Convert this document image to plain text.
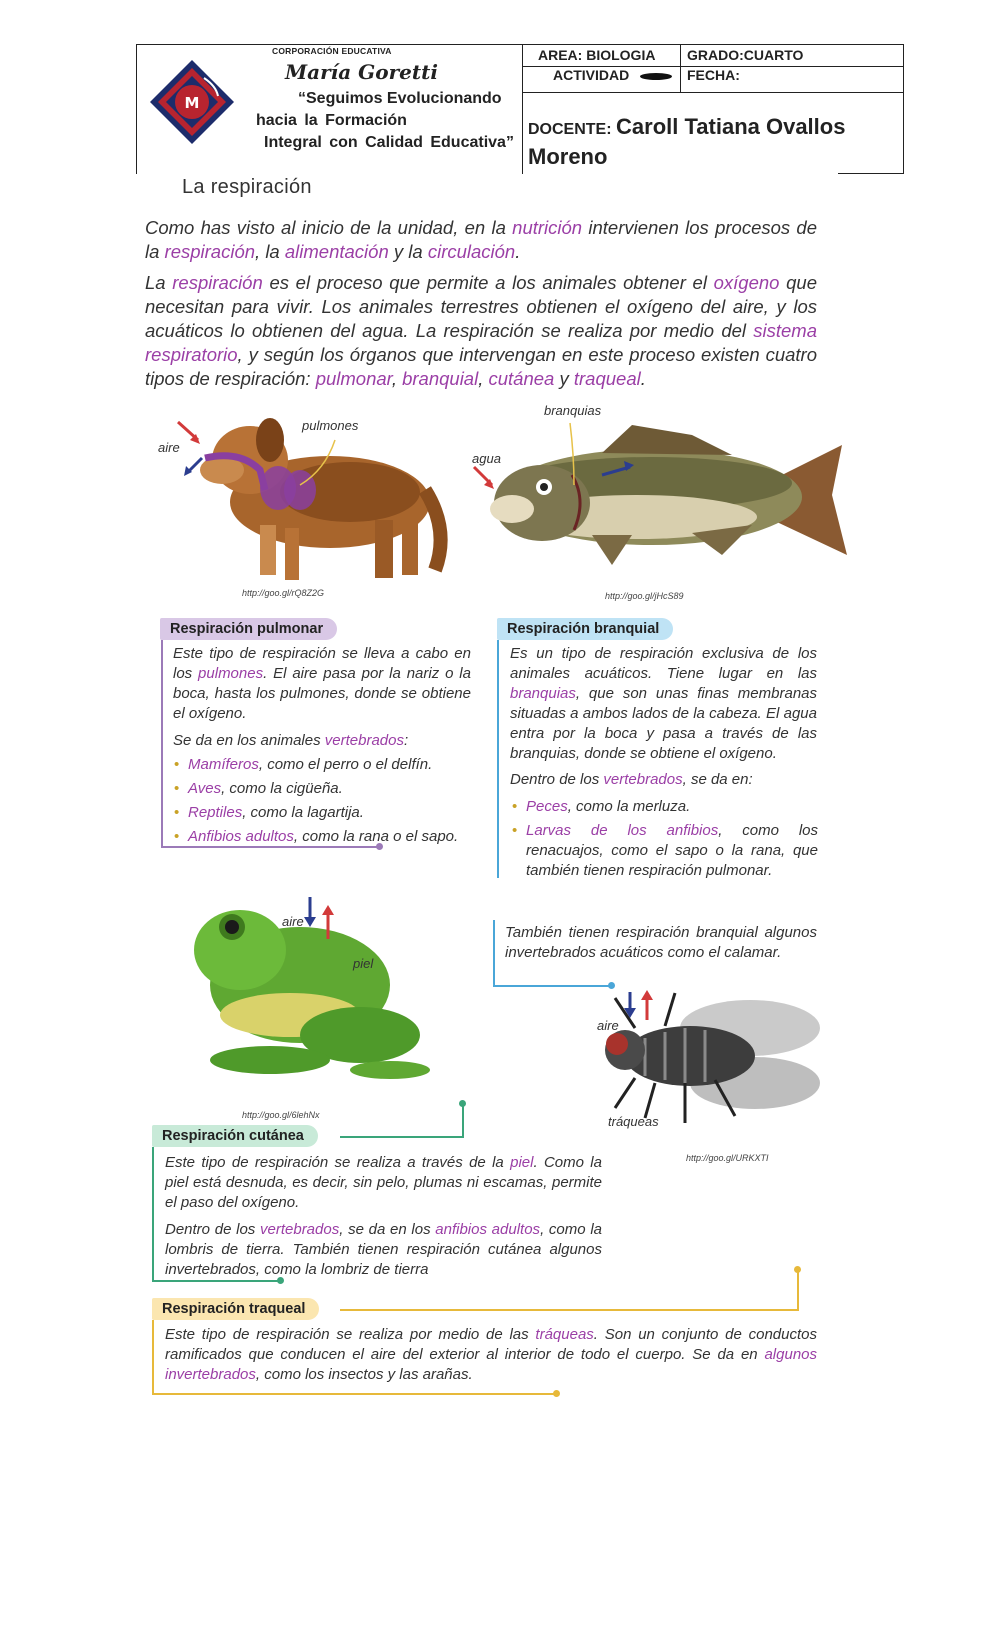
M
CORPORACIÓN EDUCATIVA
María Goretti
“Seguimos Evolucionando
hacia la Formación
Integral con Calidad Educativa”
AREA: BIOLOGIA GRADO:CUARTO
ACTIVIDAD	FECHA:
DOCENTE: Caroll Tatiana Ovallos
Moreno
La respiración
Como has visto al inicio de la unidad, en la nutrición intervienen los procesos de la respiración, la alimentación y la circulación.
La respiración es el proceso que permite a los animales obtener el oxígeno que necesitan para vivir. Los animales terrestres obtienen el oxígeno del aire, y los acuáticos lo obtienen del agua. La respiración se realiza por medio del sistema respiratorio, y según los órganos que intervengan en este proceso existen cuatro tipos de respiración: pulmonar, branquial, cutánea y traqueal.
pulmones
aire
http://goo.gl/rQ8Z2G
branquias
agua
http://goo.gl/jHcS89
Respiración pulmonar
Este tipo de respiración se lleva a cabo en los pulmones. El aire pasa por la nariz o la boca, hasta los pulmones, donde se obtiene el oxígeno.
Se da en los animales vertebrados:
• Mamíferos, como el perro o el delfín.
• Aves, como la cigüeña.
• Reptiles, como la lagartija.
• Anfibios adultos, como la rana o el sapo.
Respiración branquial
Es un tipo de respiración exclusiva de los animales acuáticos. Tiene lugar en las branquias, que son unas finas membranas situadas a ambos lados de la cabeza. El agua entra por la boca y pasa a través de las branquias, donde se obtiene el oxígeno.
Dentro de los vertebrados, se da en:
• Peces, como la merluza.
• Larvas de los anfibios, como los renacuajos, como el sapo o la rana, que también tienen respiración pulmonar.
También tienen respiración branquial algunos invertebrados acuáticos como el calamar.
aire
piel
http://goo.gl/6lehNx
aire
tráqueas
http://goo.gl/URKXTI
Respiración cutánea
Este tipo de respiración se realiza a través de la piel. Como la piel está desnuda, es decir, sin pelo, plumas ni escamas, permite el paso del oxígeno.
Dentro de los vertebrados, se da en los anfibios adultos, como la lombris de tierra. También tienen respiración cutánea algunos invertebrados, como la lombriz de tierra
Respiración traqueal
Este tipo de respiración se realiza por medio de las tráqueas. Son un conjunto de conductos ramificados que conducen el aire del exterior al interior de todo el cuerpo. Se da en algunos invertebrados, como los insectos y las arañas.
